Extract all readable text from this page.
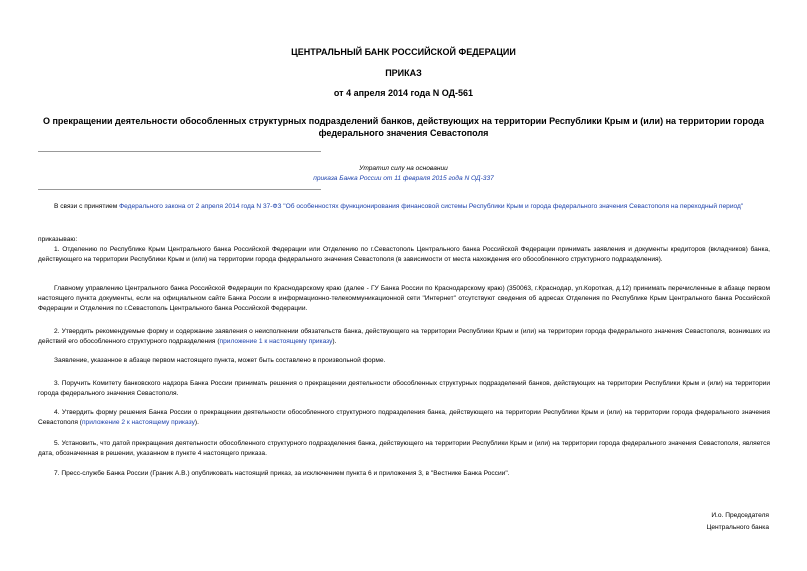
ЦЕНТРАЛЬНЫЙ БАНК РОССИЙСКОЙ ФЕДЕРАЦИИ
ПРИКАЗ
от 4 апреля 2014 года N ОД-561
О прекращении деятельности обособленных структурных подразделений банков, действующих на территории Республики Крым и (или) на территории города федерального значения Севастополя
Утратил силу на основании
приказа Банка России от 11 февраля 2015 года N ОД-337
В связи с принятием Федерального закона от 2 апреля 2014 года N 37-ФЗ "Об особенностях функционирования финансовой системы Республики Крым и города федерального значения Севастополя на переходный период"
приказываю:
1. Отделению по Республике Крым Центрального банка Российской Федерации или Отделению по г.Севастополь Центрального банка Российской Федерации принимать заявления и документы кредиторов (вкладчиков) банка, действующего на территории Республики Крым и (или) на территории города федерального значения Севастополя (в зависимости от места нахождения его обособленного структурного подразделения).
Главному управлению Центрального банка Российской Федерации по Краснодарскому краю (далее - ГУ Банка России по Краснодарскому краю) (350063, г.Краснодар, ул.Короткая, д.12) принимать перечисленные в абзаце первом настоящего пункта документы, если на официальном сайте Банка России в информационно-телекоммуникационной сети "Интернет" отсутствуют сведения об адресах Отделения по Республике Крым Центрального банка Российской Федерации и Отделения по г.Севастополь Центрального банка Российской Федерации.
2. Утвердить рекомендуемые форму и содержание заявления о неисполнении обязательств банка, действующего на территории Республики Крым и (или) на территории города федерального значения Севастополя, возникших из действий его обособленного структурного подразделения (приложение 1 к настоящему приказу).
Заявление, указанное в абзаце первом настоящего пункта, может быть составлено в произвольной форме.
3. Поручить Комитету банковского надзора Банка России принимать решения о прекращении деятельности обособленных структурных подразделений банков, действующих на территории Республики Крым и (или) на территории города федерального значения Севастополя.
4. Утвердить форму решения Банка России о прекращении деятельности обособленного структурного подразделения банка, действующего на территории Республики Крым и (или) на территории города федерального значения Севастополя (приложение 2 к настоящему приказу).
5. Установить, что датой прекращения деятельности обособленного структурного подразделения банка, действующего на территории Республики Крым и (или) на территории города федерального значения Севастополя, является дата, обозначенная в решении, указанном в пункте 4 настоящего приказа.
7. Пресс-службе Банка России (Граник А.В.) опубликовать настоящий приказ, за исключением пункта 6 и приложения 3, в "Вестнике Банка России".
И.о. Председателя
Центрального банка
